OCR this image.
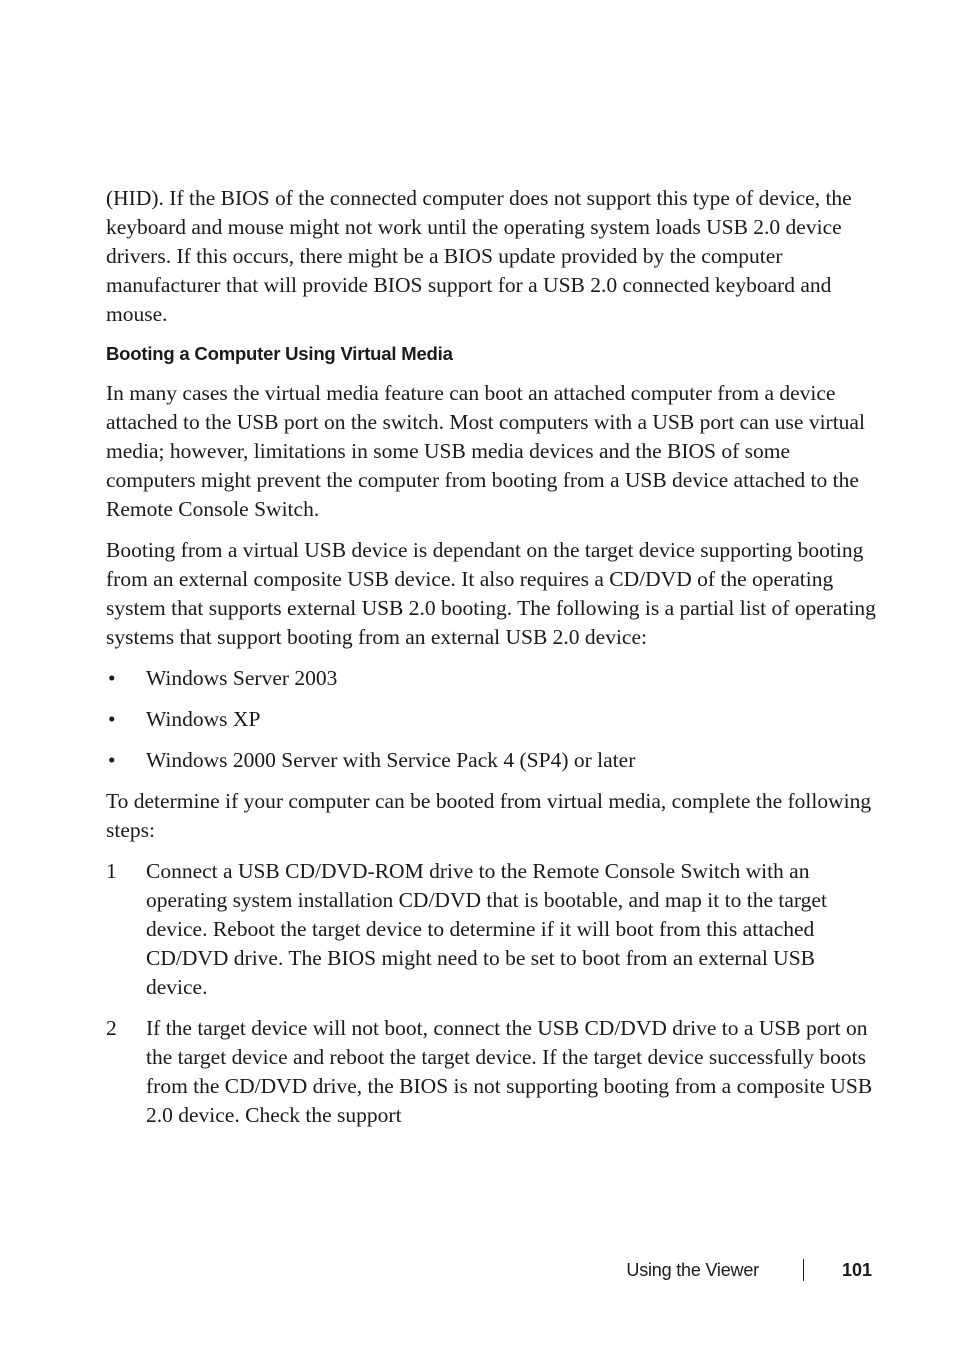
(HID). If the BIOS of the connected computer does not support this type of device, the keyboard and mouse might not work until the operating system loads USB 2.0 device drivers. If this occurs, there might be a BIOS update provided by the computer manufacturer that will provide BIOS support for a USB 2.0 connected keyboard and mouse.

Booting a Computer Using Virtual Media

In many cases the virtual media feature can boot an attached computer from a device attached to the USB port on the switch. Most computers with a USB port can use virtual media; however, limitations in some USB media devices and the BIOS of some computers might prevent the computer from booting from a USB device attached to the Remote Console Switch.

Booting from a virtual USB device is dependant on the target device supporting booting from an external composite USB device. It also requires a CD/DVD of the operating system that supports external USB 2.0 booting. The following is a partial list of operating systems that support booting from an external USB 2.0 device:

• Windows Server 2003
• Windows XP
• Windows 2000 Server with Service Pack 4 (SP4) or later

To determine if your computer can be booted from virtual media, complete the following steps:

1 Connect a USB CD/DVD-ROM drive to the Remote Console Switch with an operating system installation CD/DVD that is bootable, and map it to the target device. Reboot the target device to determine if it will boot from this attached CD/DVD drive. The BIOS might need to be set to boot from an external USB device.
2 If the target device will not boot, connect the USB CD/DVD drive to a USB port on the target device and reboot the target device. If the target device successfully boots from the CD/DVD drive, the BIOS is not supporting booting from a composite USB 2.0 device. Check the support
Using the Viewer	101
